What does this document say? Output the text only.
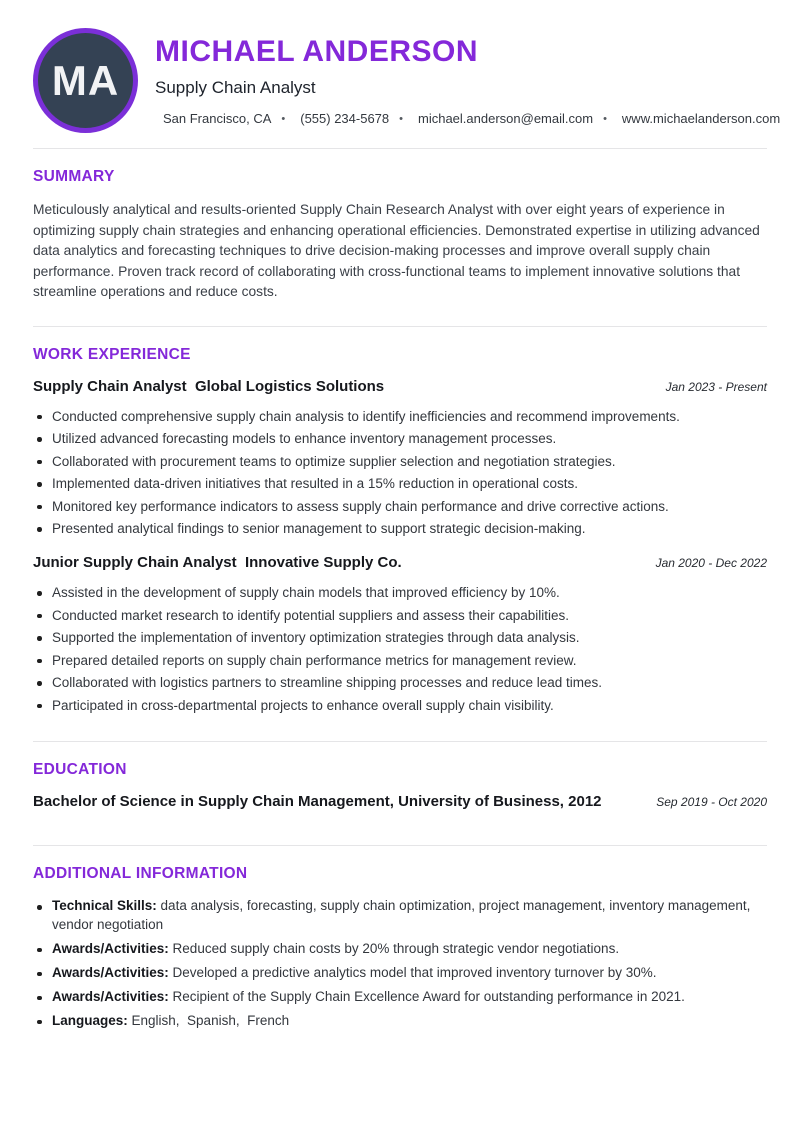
MA
MICHAEL ANDERSON
Supply Chain Analyst
San Francisco, CA • (555) 234-5678 • michael.anderson@email.com • www.michaelanderson.com
SUMMARY

Meticulously analytical and results-oriented Supply Chain Research Analyst with over eight years of experience in optimizing supply chain strategies and enhancing operational efficiencies. Demonstrated expertise in utilizing advanced data analytics and forecasting techniques to drive decision-making processes and improve overall supply chain performance. Proven track record of collaborating with cross-functional teams to implement innovative solutions that streamline operations and reduce costs.

WORK EXPERIENCE
Supply Chain Analyst  Global Logistics Solutions	Jan 2023 - Present
Conducted comprehensive supply chain analysis to identify inefficiencies and recommend improvements.
Utilized advanced forecasting models to enhance inventory management processes.
Collaborated with procurement teams to optimize supplier selection and negotiation strategies.
Implemented data-driven initiatives that resulted in a 15% reduction in operational costs.
Monitored key performance indicators to assess supply chain performance and drive corrective actions.
Presented analytical findings to senior management to support strategic decision-making.
Junior Supply Chain Analyst  Innovative Supply Co.	Jan 2020 - Dec 2022
Assisted in the development of supply chain models that improved efficiency by 10%.
Conducted market research to identify potential suppliers and assess their capabilities.
Supported the implementation of inventory optimization strategies through data analysis.
Prepared detailed reports on supply chain performance metrics for management review.
Collaborated with logistics partners to streamline shipping processes and reduce lead times.
Participated in cross-departmental projects to enhance overall supply chain visibility.
EDUCATION
Bachelor of Science in Supply Chain Management, University of Business, 2012	Sep 2019 - Oct 2020
ADDITIONAL INFORMATION
Technical Skills: data analysis, forecasting, supply chain optimization, project management, inventory management, vendor negotiation
Awards/Activities: Reduced supply chain costs by 20% through strategic vendor negotiations.
Awards/Activities: Developed a predictive analytics model that improved inventory turnover by 30%.
Awards/Activities: Recipient of the Supply Chain Excellence Award for outstanding performance in 2021.
Languages: English,  Spanish,  French
